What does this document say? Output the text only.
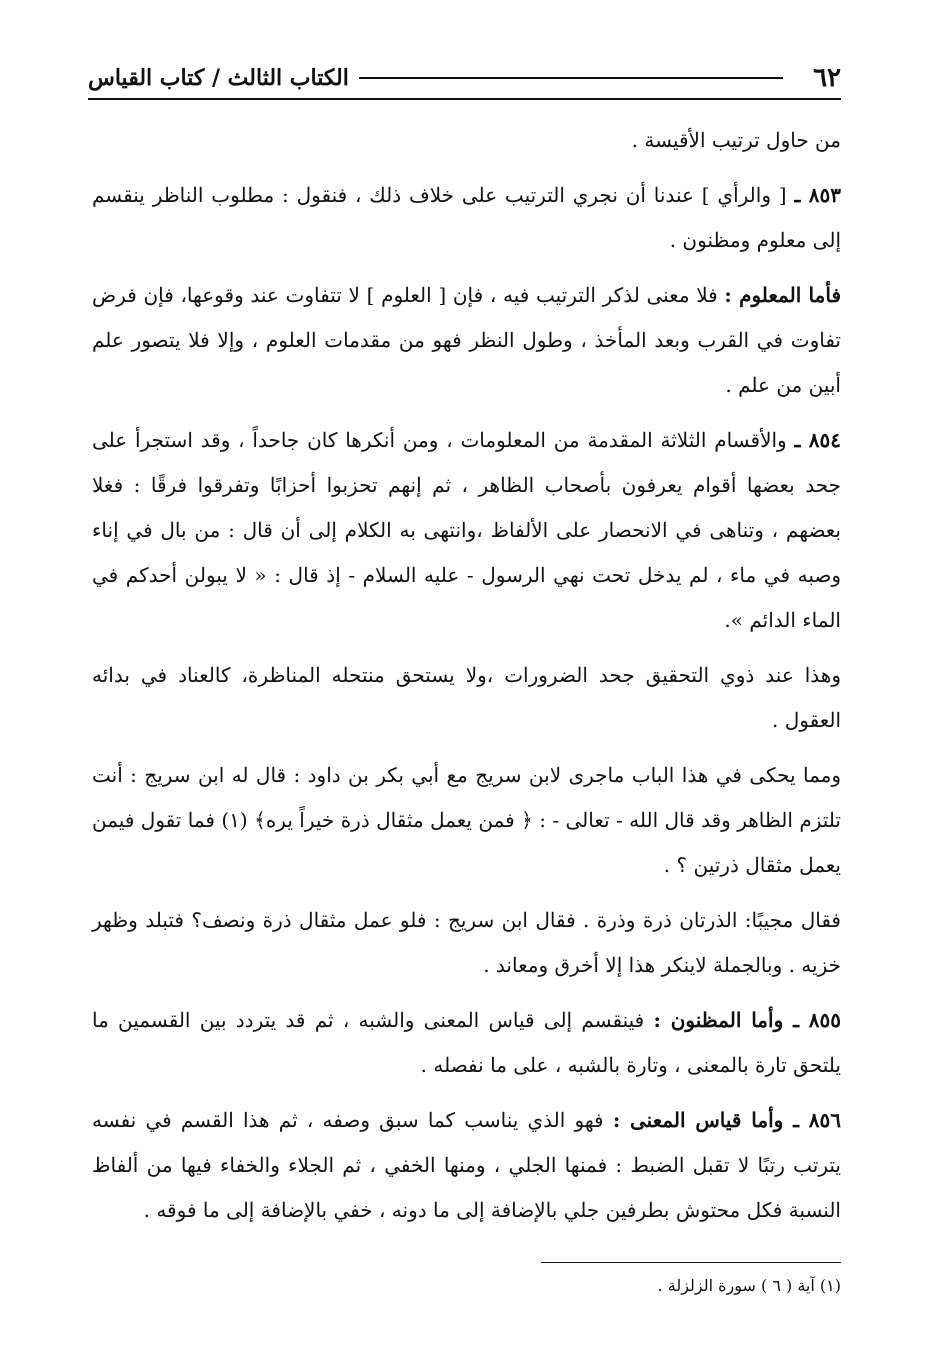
٦٢
الكتاب الثالث / كتاب القياس

من حاول ترتيب الأقيسة .

٨٥٣ ـ [ والرأي ] عندنا أن نجري الترتيب على خلاف ذلك ، فنقول : مطلوب الناظر ينقسم إلى معلوم ومظنون .

فأما المعلوم : فلا معنى لذكر الترتيب فيه ، فإن [ العلوم ] لا تتفاوت عند وقوعها، فإن فرض تفاوت في القرب وبعد المأخذ ، وطول النظر فهو من مقدمات العلوم ، وإلا فلا يتصور علم أبين من علم .

٨٥٤ ـ والأقسام الثلاثة المقدمة من المعلومات ، ومن أنكرها كان جاحداً ، وقد استجرأ على جحد بعضها أقوام يعرفون بأصحاب الظاهر ، ثم إنهم تحزبوا أحزابًا وتفرقوا فرقًا : فغلا بعضهم ، وتناهى في الانحصار على الألفاظ ،وانتهى به الكلام إلى أن قال : من بال في إناء وصبه في ماء ، لم يدخل تحت نهي الرسول - عليه السلام - إذ قال : « لا يبولن أحدكم في الماء الدائم ».

وهذا عند ذوي التحقيق جحد الضرورات ،ولا يستحق منتحله المناظرة، كالعناد في بدائه العقول .

ومما يحكى في هذا الباب ماجرى لابن سريج مع أبي بكر بن داود : قال له ابن سريج : أنت تلتزم الظاهر وقد قال الله - تعالى - : ﴿ فمن يعمل مثقال ذرة خيراً يره﴾ (١) فما تقول فيمن يعمل مثقال ذرتين ؟ .

فقال مجيبًا: الذرتان ذرة وذرة . فقال ابن سريج : فلو عمل مثقال ذرة ونصف؟ فتبلد وظهر خزيه . وبالجملة لاينكر هذا إلا أخرق ومعاند .

٨٥٥ ـ وأما المظنون : فينقسم إلى قياس المعنى والشبه ، ثم قد يتردد بين القسمين ما يلتحق تارة بالمعنى ، وتارة بالشبه ، على ما نفصله .

٨٥٦ ـ وأما قياس المعنى : فهو الذي يناسب كما سبق وصفه ، ثم هذا القسم في نفسه يترتب رتبًا لا تقبل الضبط : فمنها الجلي ، ومنها الخفي ، ثم الجلاء والخفاء فيها من ألفاظ النسبة فكل محتوش بطرفين جلي بالإضافة إلى ما دونه ، خفي بالإضافة إلى ما فوقه .

(١) آية ( ٦ ) سورة الزلزلة .
